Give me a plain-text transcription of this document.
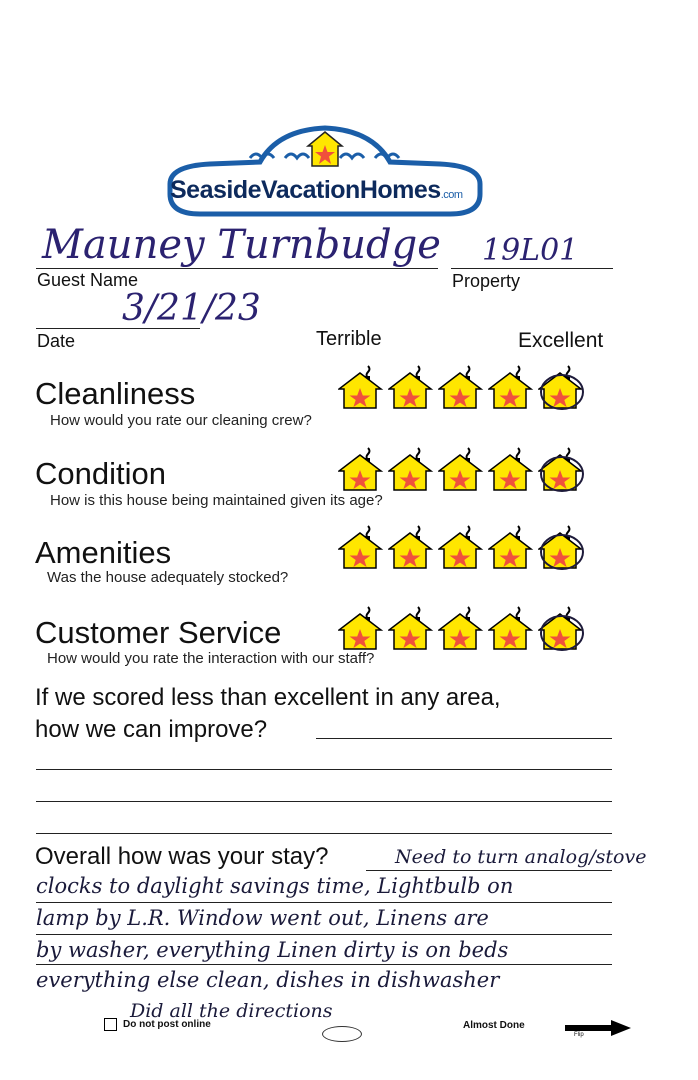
SeasideVacationHomes.com
Mauney Turnbudge
Guest Name
19L01
Property
3/21/23
Date	Terrible	Excellent
Cleanliness
How would you rate our cleaning crew?
Condition
How is this house being maintained given its age?
Amenities
Was the house adequately stocked?
Customer Service
How would you rate the interaction with our staff?
If we scored less than excellent in any area,
how we can improve?
Overall how was your stay?	Need to turn analog/stove
clocks to daylight savings time, Lightbulb on
lamp by L.R. Window went out, Linens are
by washer, everything Linen dirty is on beds
everything else clean, dishes in dishwasher
Did all the directions
Do not post online	Almost Done
Flip
